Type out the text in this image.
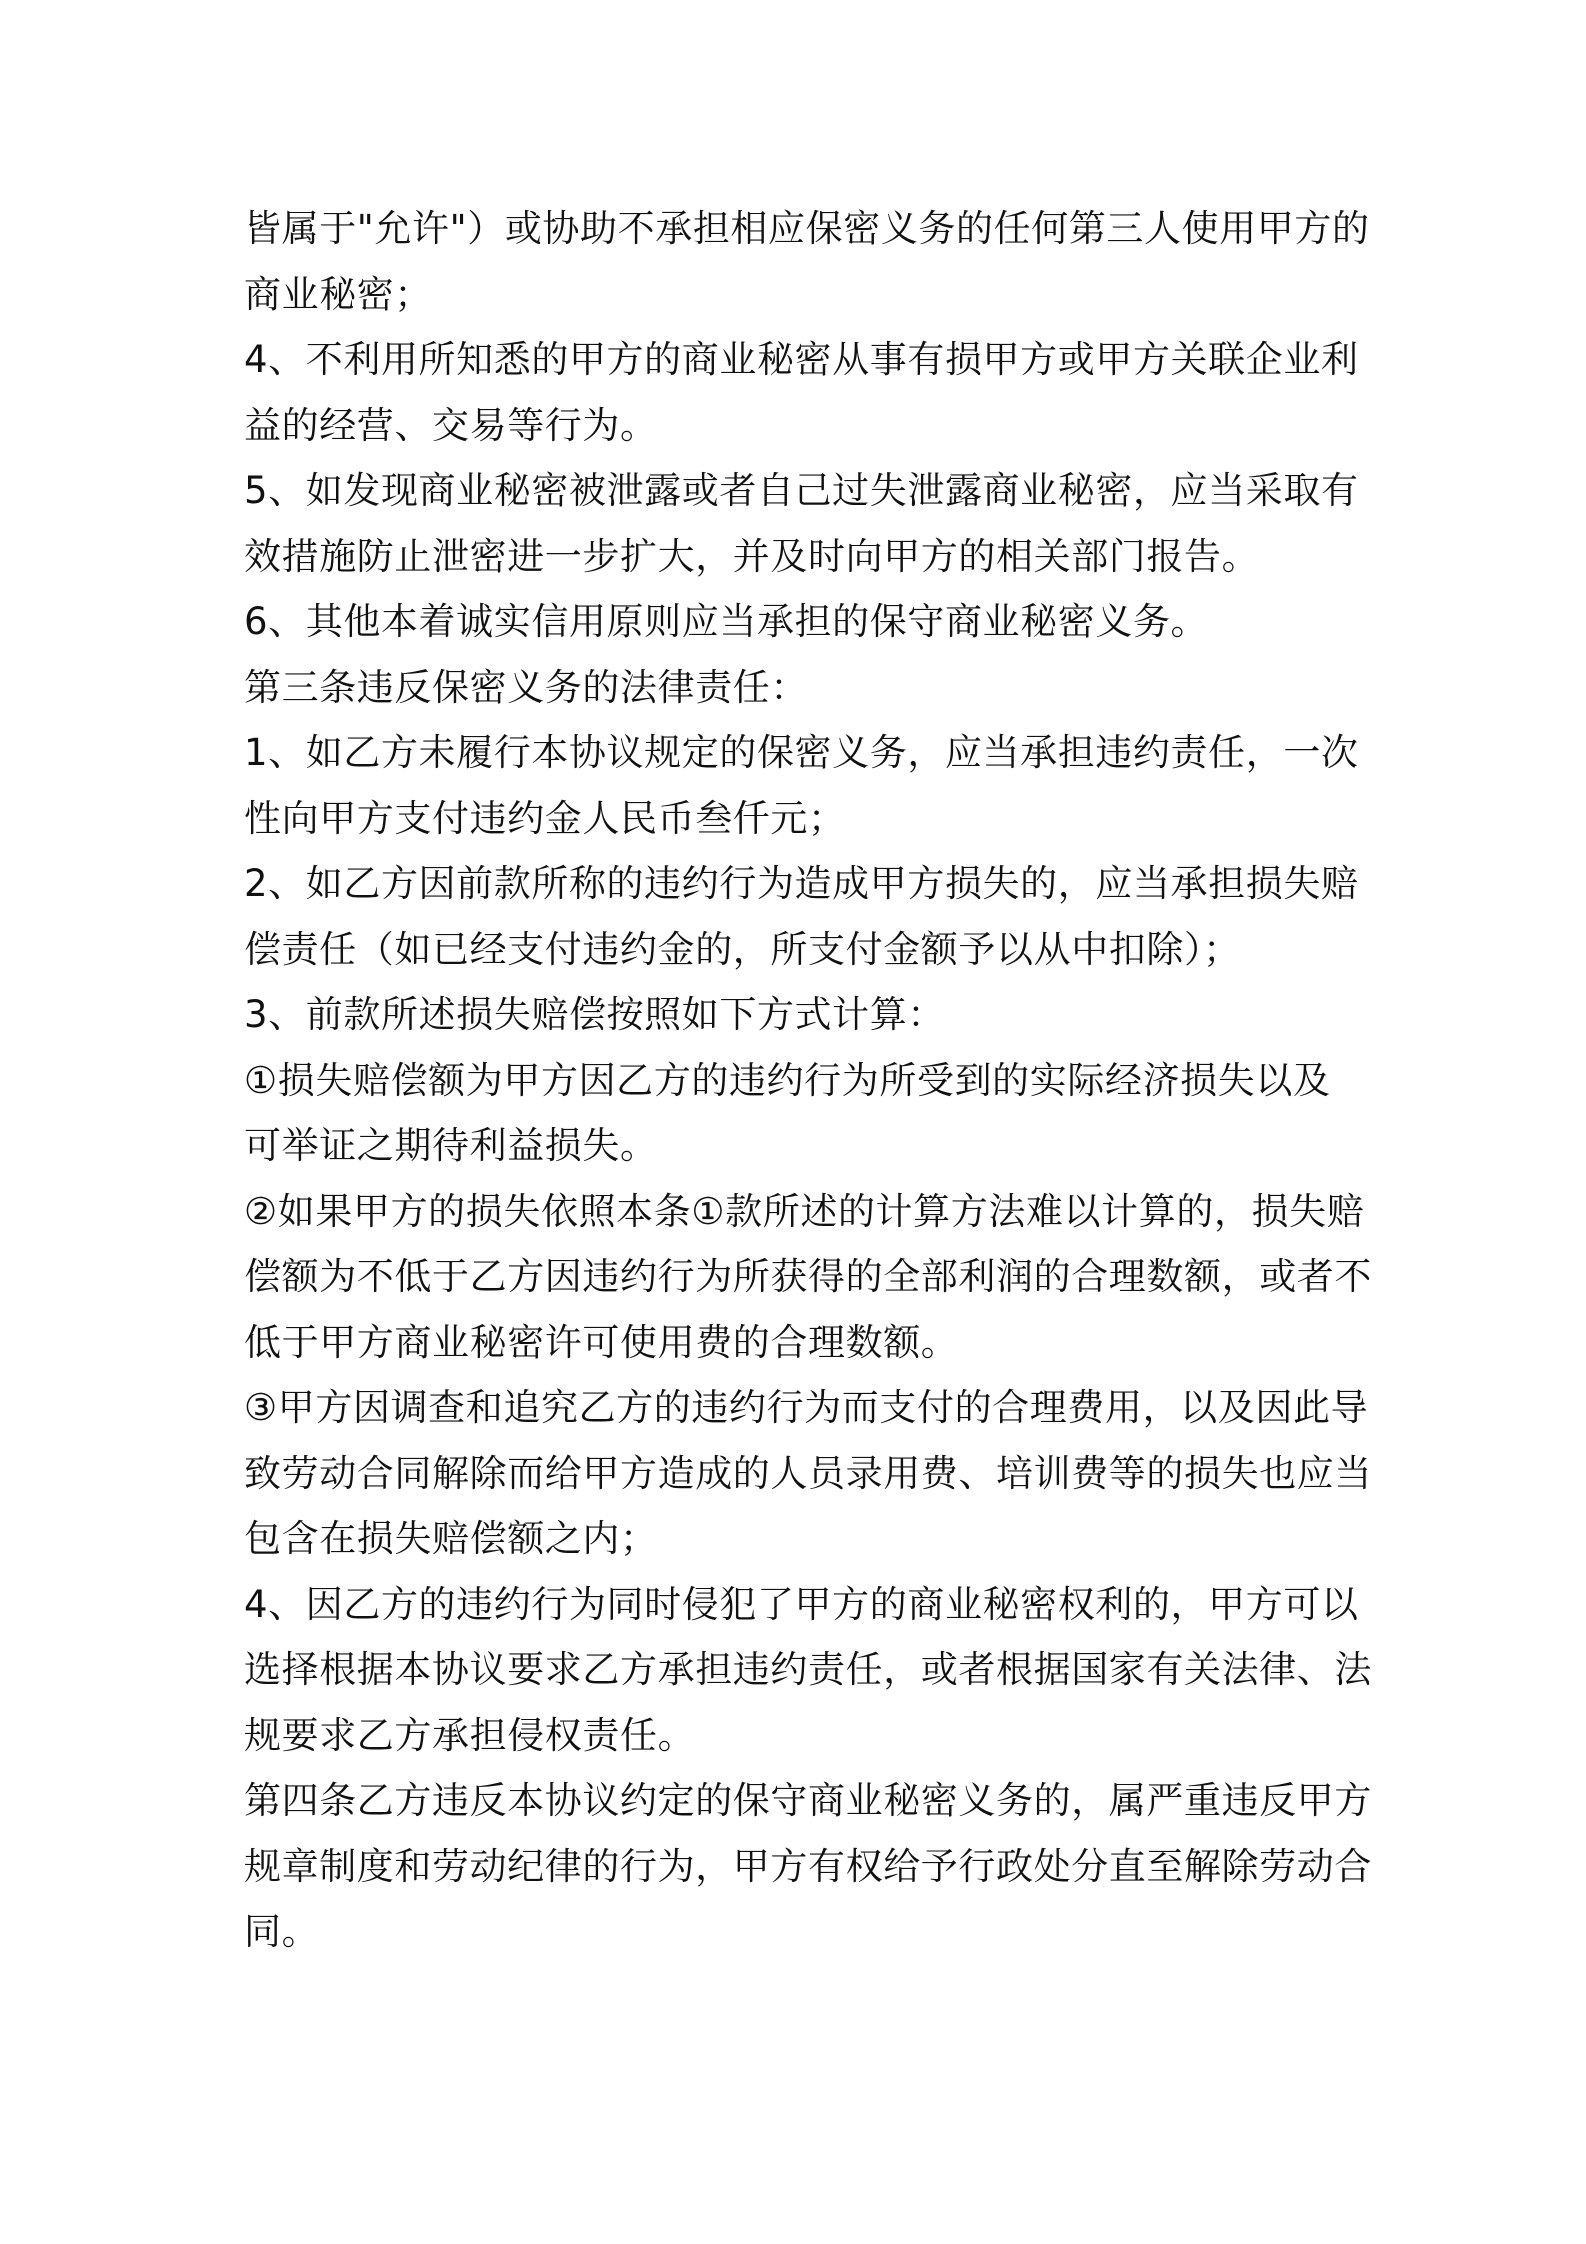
皆属于"允许"）或协助不承担相应保密义务的任何第三人使用甲方的
商业秘密；
4、不利用所知悉的甲方的商业秘密从事有损甲方或甲方关联企业利
益的经营、交易等行为。
5、如发现商业秘密被泄露或者自己过失泄露商业秘密，应当采取有
效措施防止泄密进一步扩大，并及时向甲方的相关部门报告。
6、其他本着诚实信用原则应当承担的保守商业秘密义务。
第三条违反保密义务的法律责任：
1、如乙方未履行本协议规定的保密义务，应当承担违约责任，一次
性向甲方支付违约金人民币叁仟元；
2、如乙方因前款所称的违约行为造成甲方损失的，应当承担损失赔
偿责任（如已经支付违约金的，所支付金额予以从中扣除）；
3、前款所述损失赔偿按照如下方式计算：
①损失赔偿额为甲方因乙方的违约行为所受到的实际经济损失以及
可举证之期待利益损失。
②如果甲方的损失依照本条①款所述的计算方法难以计算的，损失赔
偿额为不低于乙方因违约行为所获得的全部利润的合理数额，或者不
低于甲方商业秘密许可使用费的合理数额。
③甲方因调查和追究乙方的违约行为而支付的合理费用，以及因此导
致劳动合同解除而给甲方造成的人员录用费、培训费等的损失也应当
包含在损失赔偿额之内；
4、因乙方的违约行为同时侵犯了甲方的商业秘密权利的，甲方可以
选择根据本协议要求乙方承担违约责任，或者根据国家有关法律、法
规要求乙方承担侵权责任。
第四条乙方违反本协议约定的保守商业秘密义务的，属严重违反甲方
规章制度和劳动纪律的行为，甲方有权给予行政处分直至解除劳动合
同。
